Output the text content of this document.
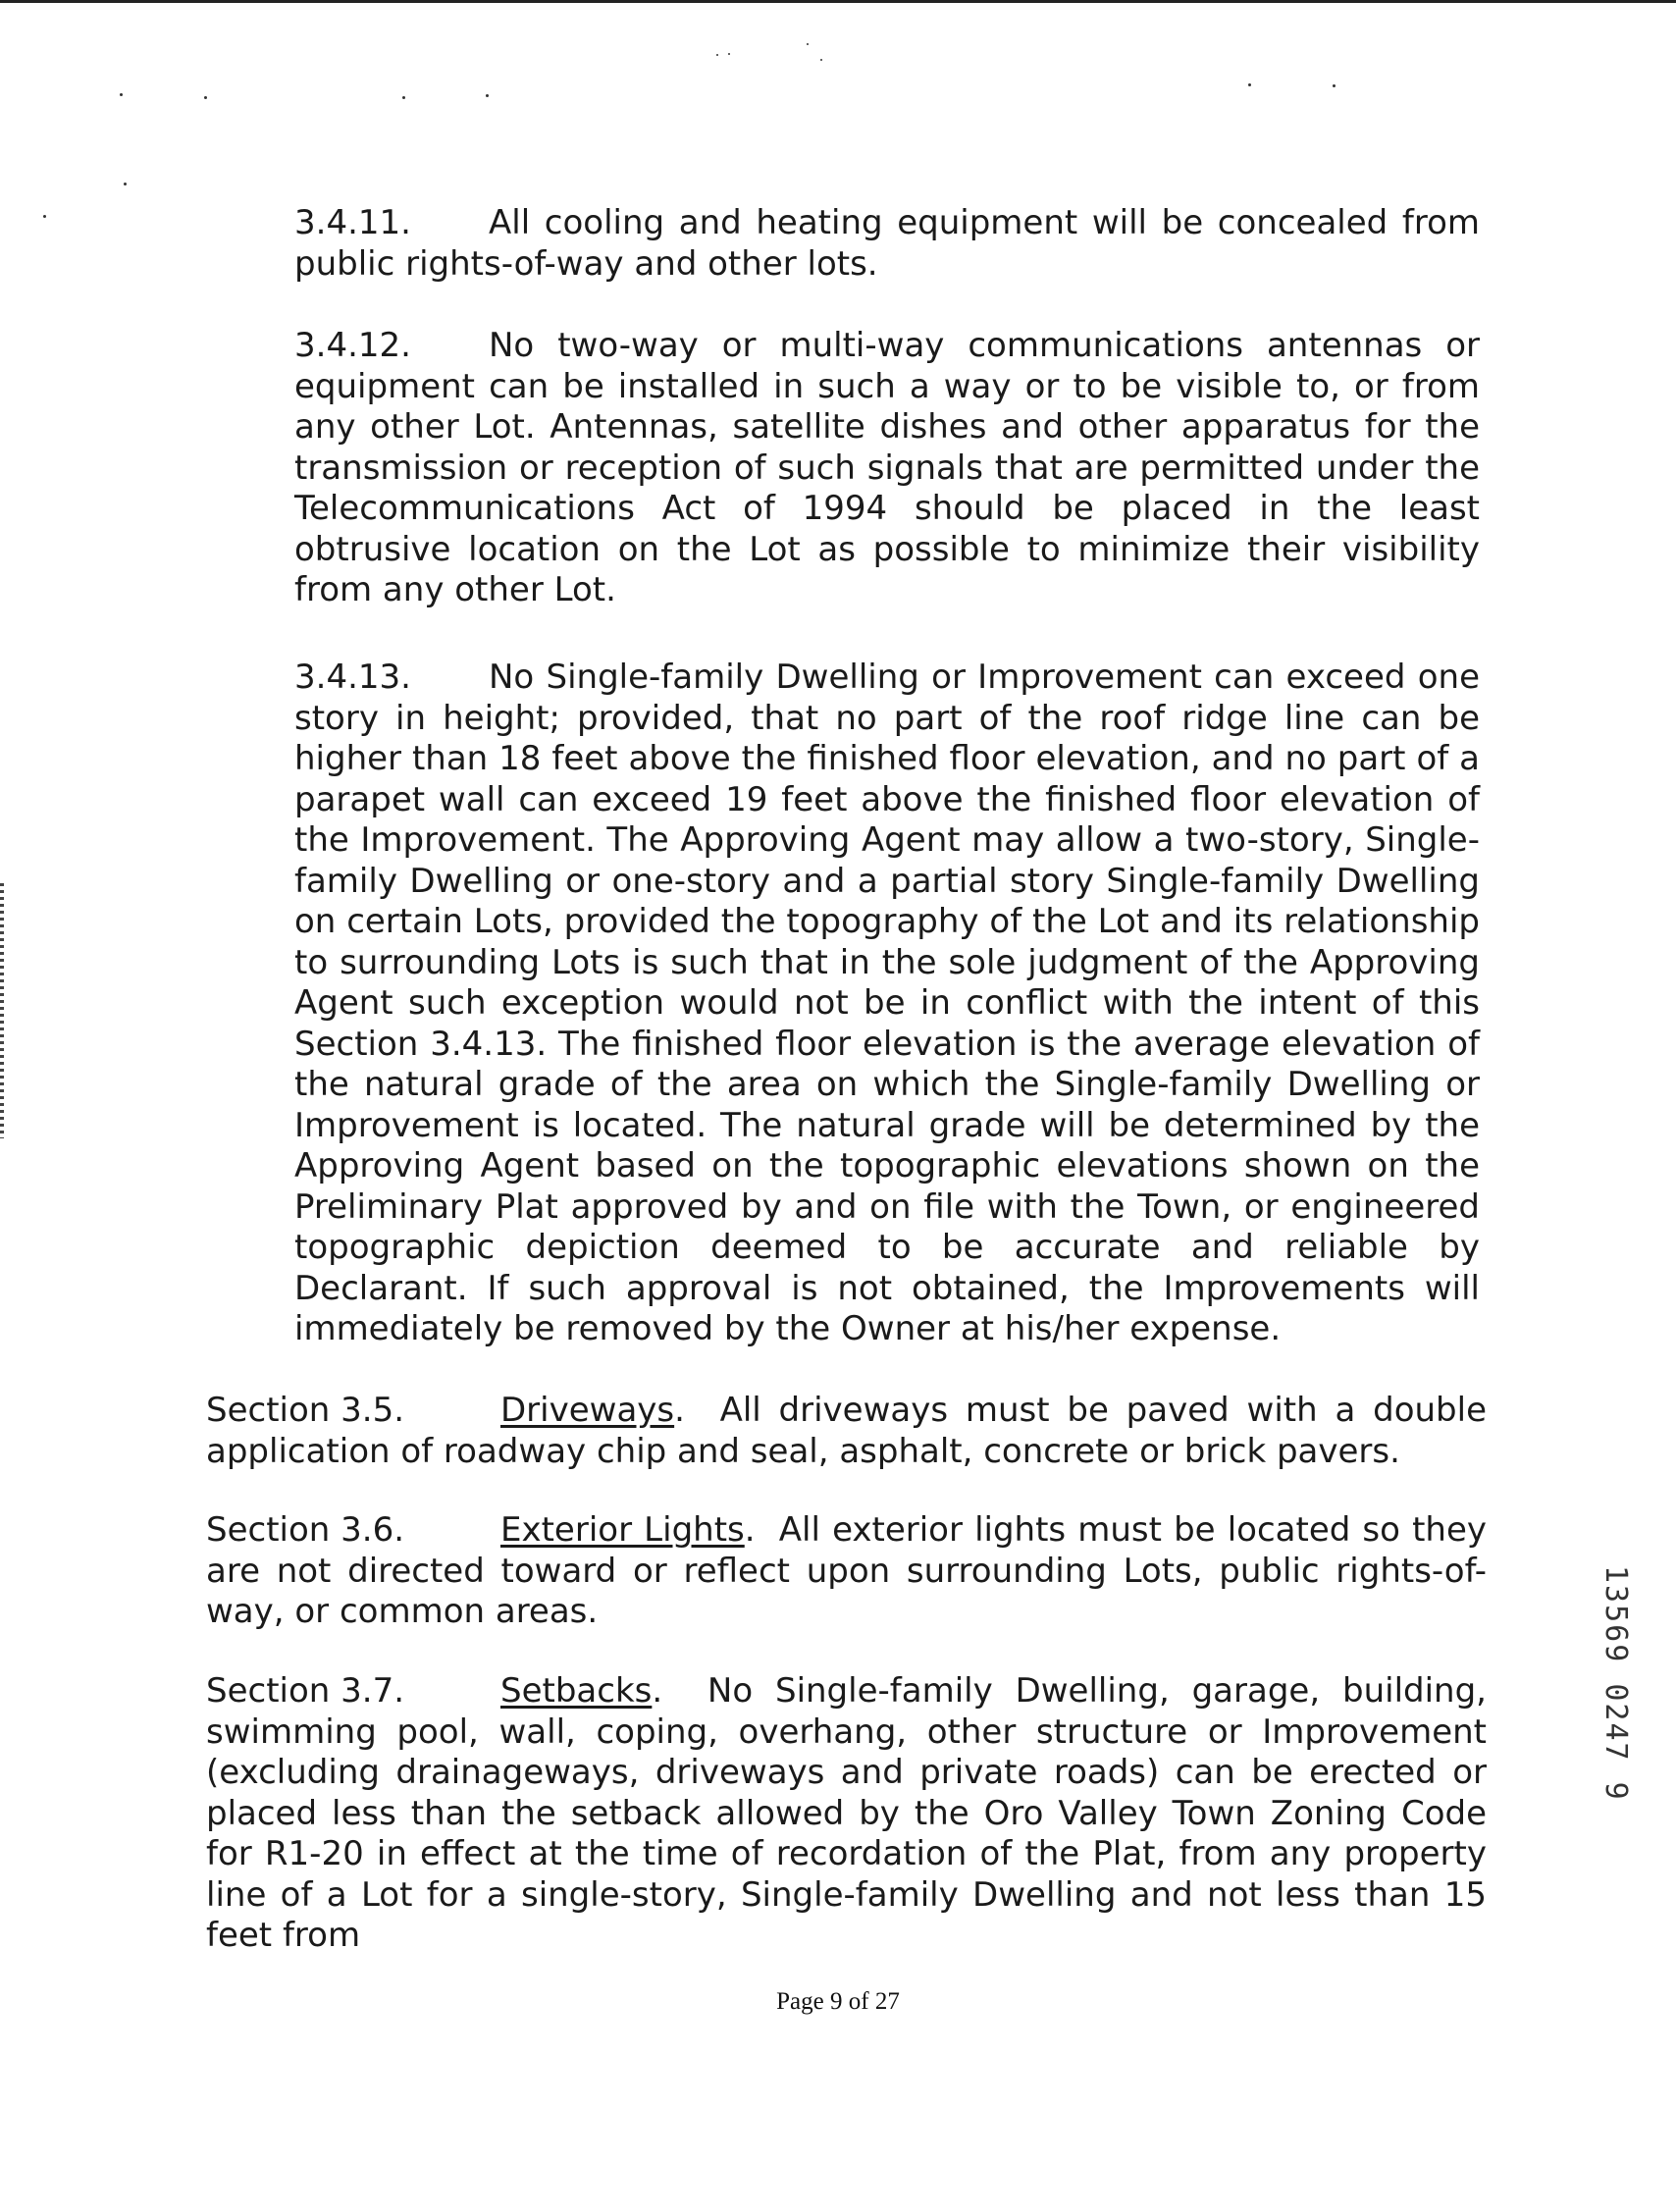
3.4.11. All cooling and heating equipment will be concealed from public rights-of-way and other lots.

3.4.12. No two-way or multi-way communications antennas or equipment can be installed in such a way or to be visible to, or from any other Lot. Antennas, satellite dishes and other apparatus for the transmission or reception of such signals that are permitted under the Telecommunications Act of 1994 should be placed in the least obtrusive location on the Lot as possible to minimize their visibility from any other Lot.

3.4.13. No Single-family Dwelling or Improvement can exceed one story in height; provided, that no part of the roof ridge line can be higher than 18 feet above the finished floor elevation, and no part of a parapet wall can exceed 19 feet above the finished floor elevation of the Improvement. The Approving Agent may allow a two-story, Single-family Dwelling or one-story and a partial story Single-family Dwelling on certain Lots, provided the topography of the Lot and its relationship to surrounding Lots is such that in the sole judgment of the Approving Agent such exception would not be in conflict with the intent of this Section 3.4.13. The finished floor elevation is the average elevation of the natural grade of the area on which the Single-family Dwelling or Improvement is located. The natural grade will be determined by the Approving Agent based on the topographic elevations shown on the Preliminary Plat approved by and on file with the Town, or engineered topographic depiction deemed to be accurate and reliable by Declarant. If such approval is not obtained, the Improvements will immediately be removed by the Owner at his/her expense.

Section 3.5.	Driveways.  All driveways must be paved with a double application of roadway chip and seal, asphalt, concrete or brick pavers.

Section 3.6.	Exterior Lights.  All exterior lights must be located so they are not directed toward or reflect upon surrounding Lots, public rights-of-way, or common areas.

Section 3.7.	Setbacks.  No Single-family Dwelling, garage, building, swimming pool, wall, coping, overhang, other structure or Improvement (excluding drainageways, driveways and private roads) can be erected or placed less than the setback allowed by the Oro Valley Town Zoning Code for R1-20 in effect at the time of recordation of the Plat, from any property line of a Lot for a single-story, Single-family Dwelling and not less than 15 feet from

Page 9 of 27
13569 0247 9
